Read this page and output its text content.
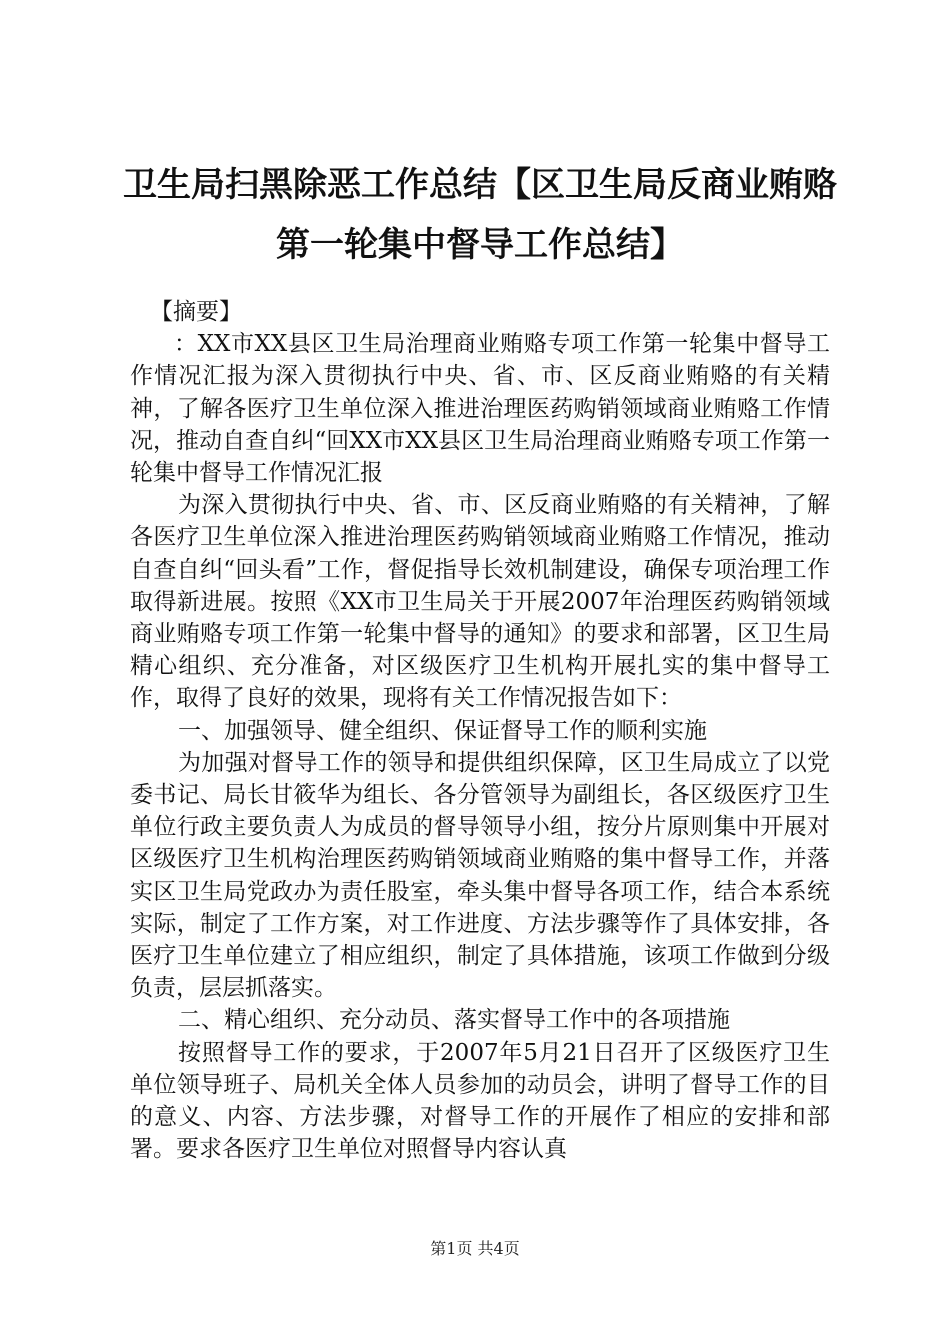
卫生局扫黑除恶工作总结【区卫生局反商业贿赂第一轮集中督导工作总结】

【摘要】

：XX市XX县区卫生局治理商业贿赂专项工作第一轮集中督导工作情况汇报为深入贯彻执行中央、省、市、区反商业贿赂的有关精神，了解各医疗卫生单位深入推进治理医药购销领域商业贿赂工作情况，推动自查自纠“回XX市XX县区卫生局治理商业贿赂专项工作第一轮集中督导工作情况汇报

为深入贯彻执行中央、省、市、区反商业贿赂的有关精神，了解各医疗卫生单位深入推进治理医药购销领域商业贿赂工作情况，推动自查自纠“回头看”工作，督促指导长效机制建设，确保专项治理工作取得新进展。按照《XX市卫生局关于开展2007年治理医药购销领域商业贿赂专项工作第一轮集中督导的通知》的要求和部署，区卫生局精心组织、充分准备，对区级医疗卫生机构开展扎实的集中督导工作，取得了良好的效果，现将有关工作情况报告如下：

一、加强领导、健全组织、保证督导工作的顺利实施

为加强对督导工作的领导和提供组织保障，区卫生局成立了以党委书记、局长甘筱华为组长、各分管领导为副组长，各区级医疗卫生单位行政主要负责人为成员的督导领导小组，按分片原则集中开展对区级医疗卫生机构治理医药购销领域商业贿赂的集中督导工作，并落实区卫生局党政办为责任股室，牵头集中督导各项工作，结合本系统实际，制定了工作方案，对工作进度、方法步骤等作了具体安排，各医疗卫生单位建立了相应组织，制定了具体措施，该项工作做到分级负责，层层抓落实。

二、精心组织、充分动员、落实督导工作中的各项措施

按照督导工作的要求，于2007年5月21日召开了区级医疗卫生单位领导班子、局机关全体人员参加的动员会，讲明了督导工作的目的意义、内容、方法步骤，对督导工作的开展作了相应的安排和部署。要求各医疗卫生单位对照督导内容认真

第1页 共4页
